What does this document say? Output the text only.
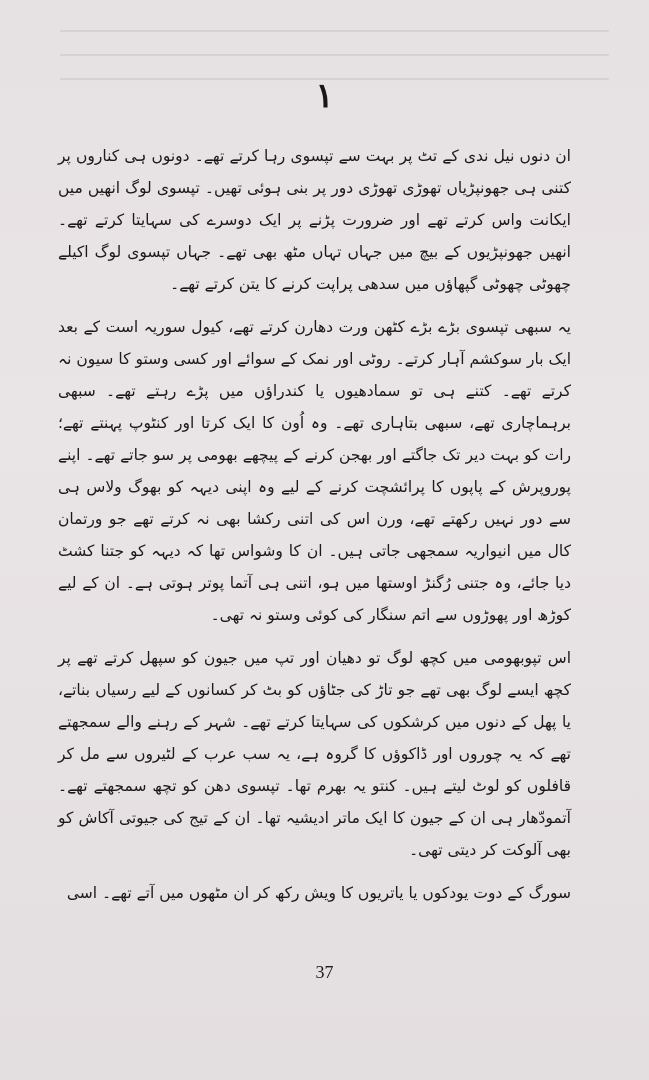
۱

ان دنوں نیل ندی کے تٹ پر بہت سے تپسوی رہا کرتے تھے۔ دونوں ہی کناروں پر کتنی ہی جھونپڑیاں تھوڑی تھوڑی دور پر بنی ہوئی تھیں۔ تپسوی لوگ انھیں میں ایکانت واس کرتے تھے اور ضرورت پڑنے پر ایک دوسرے کی سہایتا کرتے تھے۔ انھیں جھونپڑیوں کے بیچ میں جہاں تہاں مٹھ بھی تھے۔ جہاں تپسوی لوگ اکیلے چھوٹی چھوٹی گپھاؤں میں سدھی پراپت کرنے کا یتن کرتے تھے۔

یہ سبھی تپسوی بڑے بڑے کٹھن ورت دھارن کرتے تھے، کیول سوریہ است کے بعد ایک بار سوکشم آہار کرتے۔ روٹی اور نمک کے سوائے اور کسی وستو کا سیون نہ کرتے تھے۔ کتنے ہی تو سمادھیوں یا کندراؤں میں پڑے رہتے تھے۔ سبھی برہماچاری تھے، سبھی بتاہاری تھے۔ وہ اُون کا ایک کرتا اور کنٹوپ پہنتے تھے؛ رات کو بہت دیر تک جاگتے اور بھجن کرنے کے پیچھے بھومی پر سو جاتے تھے۔ اپنے پوروپرش کے پاپوں کا پرائشچت کرنے کے لیے وہ اپنی دیہہ کو بھوگ ولاس ہی سے دور نہیں رکھتے تھے، ورن اس کی اتنی رکشا بھی نہ کرتے تھے جو ورتمان کال میں انیواریہ سمجھی جاتی ہیں۔ ان کا وشواس تھا کہ دیہہ کو جتنا کشٹ دیا جائے، وہ جتنی رُگنڑ اوستھا میں ہو، اتنی ہی آتما پوتر ہوتی ہے۔ ان کے لیے کوڑھ اور پھوڑوں سے اتم سنگار کی کوئی وستو نہ تھی۔

اس تپوبھومی میں کچھ لوگ تو دھیان اور تپ میں جیون کو سپھل کرتے تھے پر کچھ ایسے لوگ بھی تھے جو تاڑ کی جٹاؤں کو بٹ کر کسانوں کے لیے رسیاں بناتے، یا پھل کے دنوں میں کرشکوں کی سہایتا کرتے تھے۔ شہر کے رہنے والے سمجھتے تھے کہ یہ چوروں اور ڈاکوؤں کا گروہ ہے، یہ سب عرب کے لٹیروں سے مل کر قافلوں کو لوٹ لیتے ہیں۔ کنتو یہ بھرم تھا۔ تپسوی دھن کو تچھ سمجھتے تھے۔ آتمودّھار ہی ان کے جیون کا ایک ماتر ادیشیہ تھا۔ ان کے تیج کی جیوتی آکاش کو بھی آلوکت کر دیتی تھی۔

سورگ کے دوت یودکوں یا یاتریوں کا ویش رکھ کر ان مٹھوں میں آتے تھے۔ اسی

37
